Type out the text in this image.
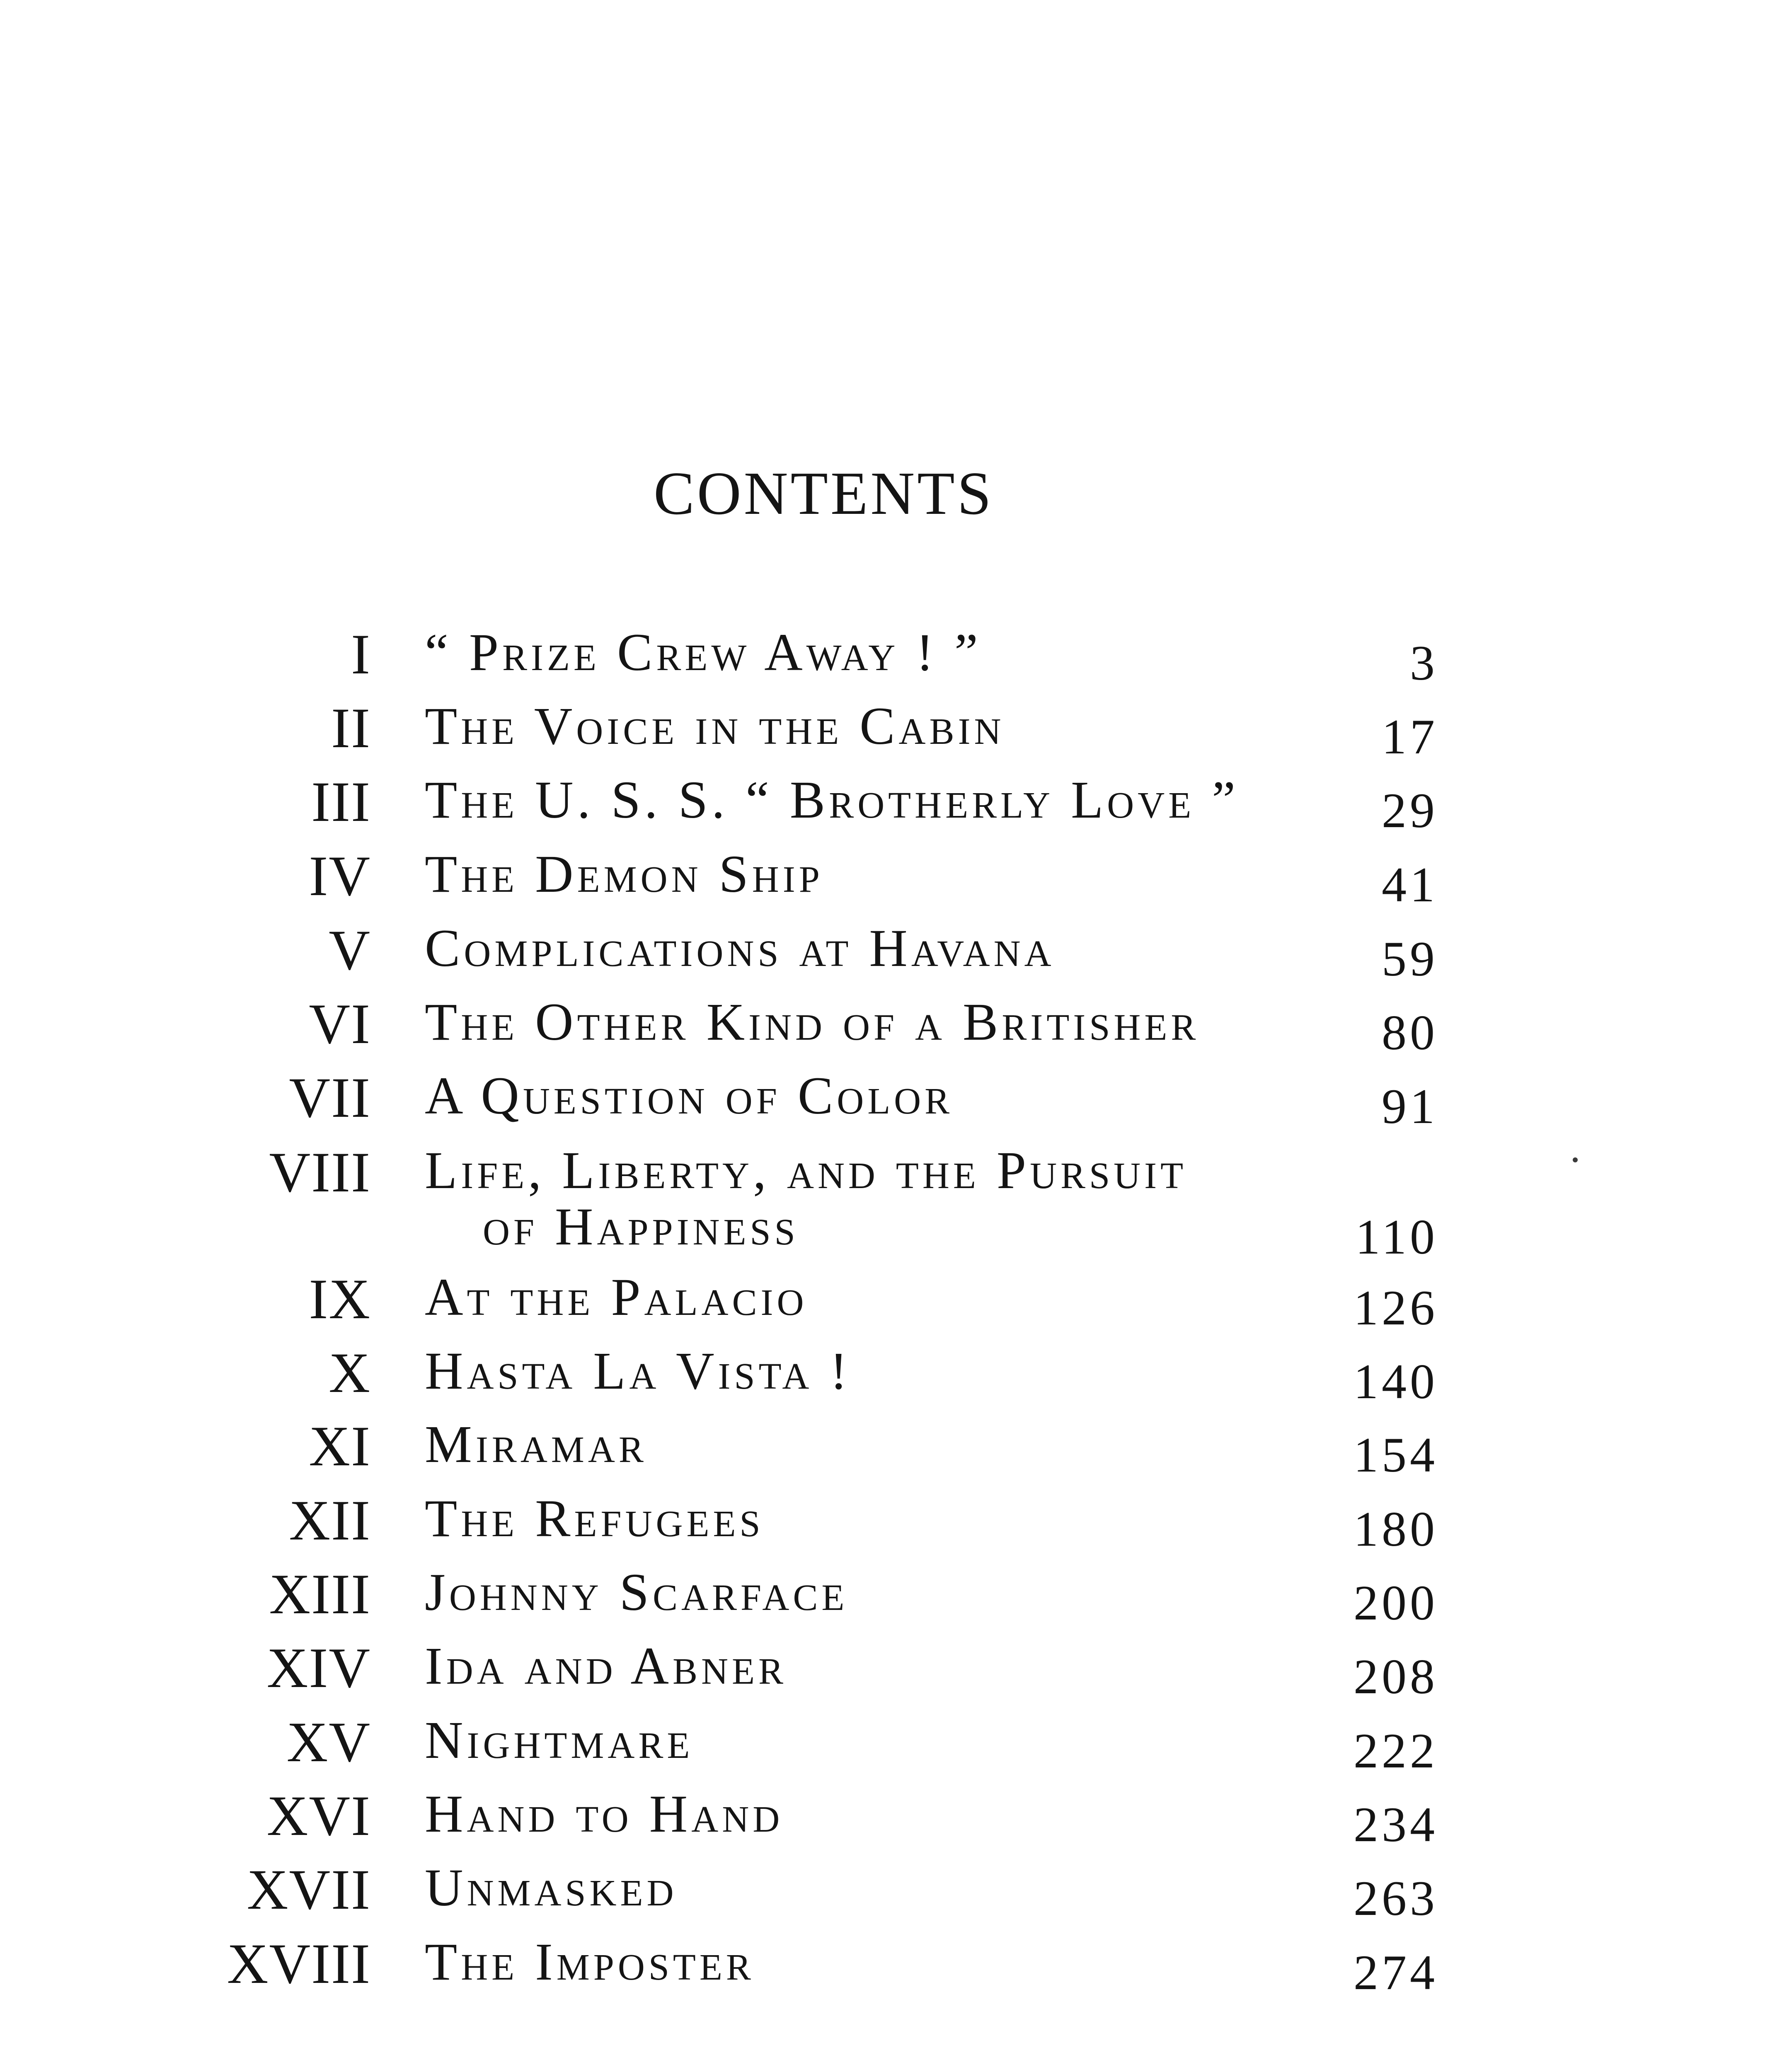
CONTENTS
I “ Prize Crew Away ! ”	3
II The Voice in the Cabin	17
III The U. S. S. “ Brotherly Love ”	29
IV The Demon Ship	41
V Complications at Havana	59
VI The Other Kind of a Britisher	80
VII A Question of Color	91
VIII Life, Liberty, and the Pursuit
of Happiness	110
IX At the Palacio	126
X Hasta La Vista !	140
XI Miramar	154
XII The Refugees	180
XIII Johnny Scarface	200
XIV Ida and Abner	208
XV Nightmare	222
XVI Hand to Hand	234
XVII Unmasked	263
XVIII The Imposter	274
